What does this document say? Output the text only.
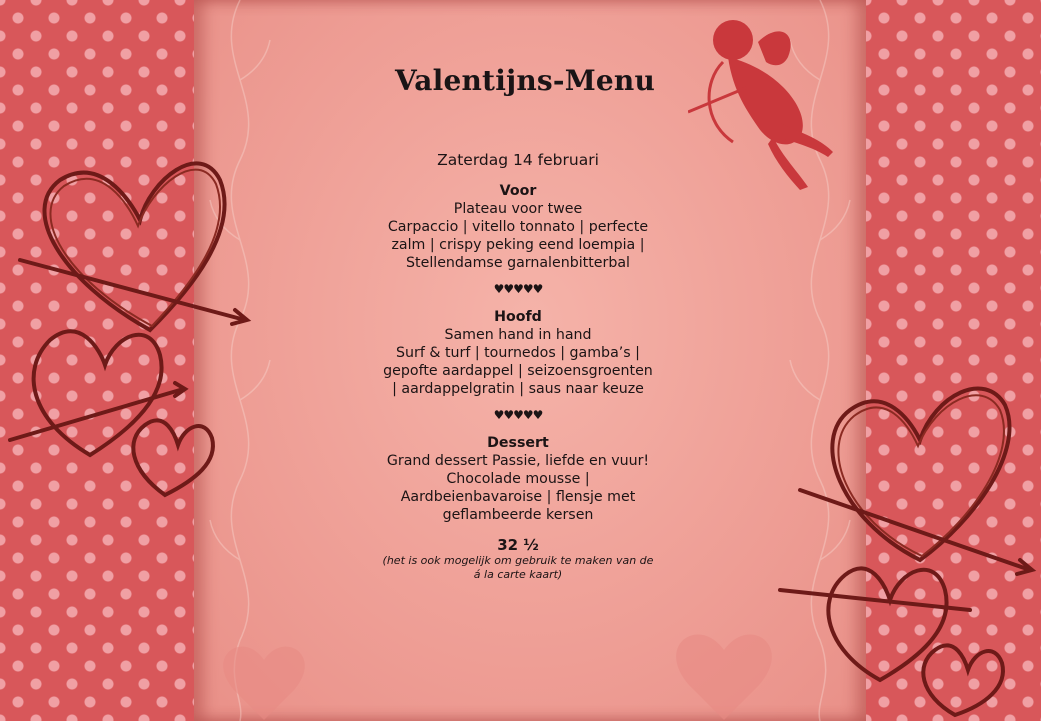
Valentijns-Menu
Zaterdag 14 februari
Voor
Plateau voor twee
Carpaccio | vitello tonnato | perfecte
zalm | crispy peking eend loempia |
Stellendamse garnalenbitterbal
♥♥♥♥♥
Hoofd
Samen hand in hand
Surf & turf | tournedos | gamba’s |
gepofte aardappel | seizoensgroenten
| aardappelgratin | saus naar keuze
♥♥♥♥♥
Dessert
Grand dessert Passie, liefde en vuur!
Chocolade mousse |
Aardbeienbavaroise | flensje met
geflambeerde kersen
32 ½
(het is ook mogelijk om gebruik te maken van de
á la carte kaart)
